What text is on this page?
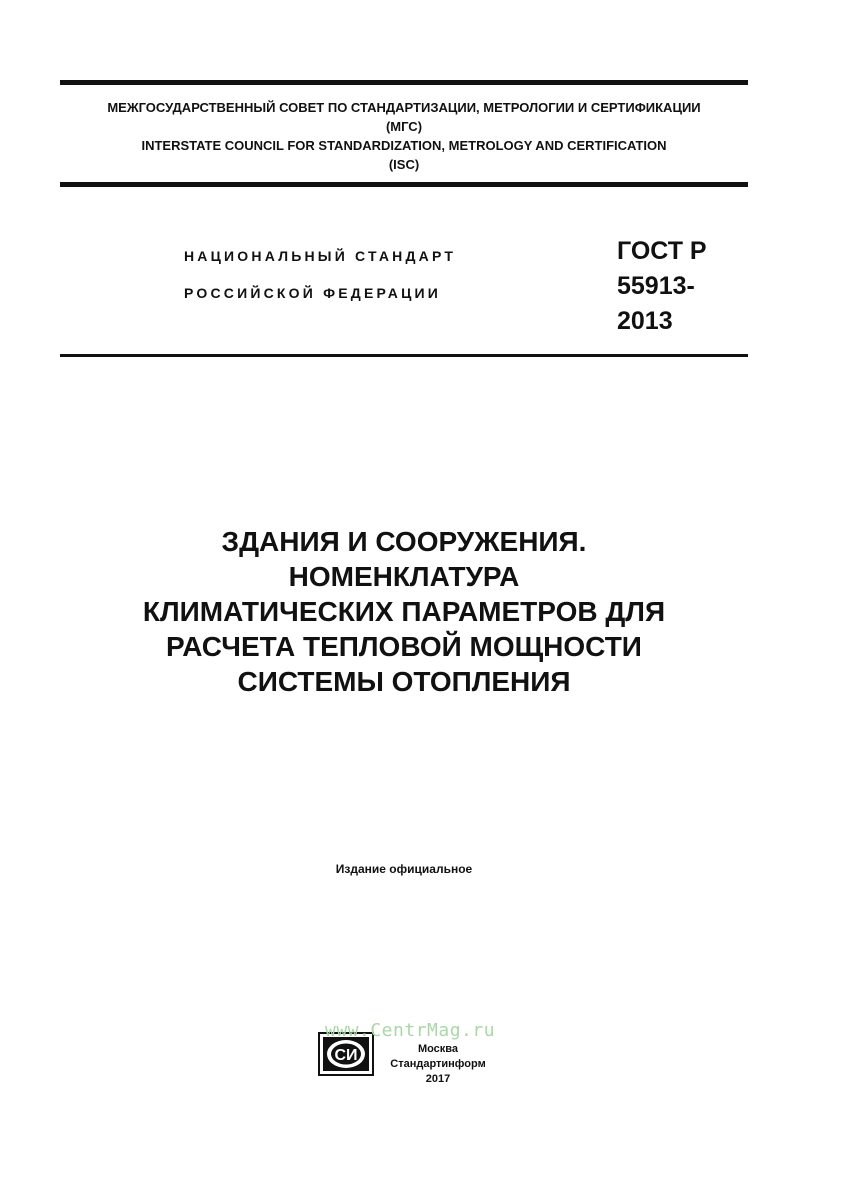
МЕЖГОСУДАРСТВЕННЫЙ СОВЕТ ПО СТАНДАРТИЗАЦИИ, МЕТРОЛОГИИ И СЕРТИФИКАЦИИ
(МГС)
INTERSTATE COUNCIL FOR STANDARDIZATION, METROLOGY AND CERTIFICATION
(ISC)
НАЦИОНАЛЬНЫЙ СТАНДАРТ
РОССИЙСКОЙ ФЕДЕРАЦИИ
ГОСТ Р
55913-
2013
ЗДАНИЯ И СООРУЖЕНИЯ.
НОМЕНКЛАТУРА
КЛИМАТИЧЕСКИХ ПАРАМЕТРОВ ДЛЯ
РАСЧЕТА ТЕПЛОВОЙ МОЩНОСТИ
СИСТЕМЫ ОТОПЛЕНИЯ
Издание официальное
СИ
www.CentrMag.ru
Москва
Стандартинформ
2017
